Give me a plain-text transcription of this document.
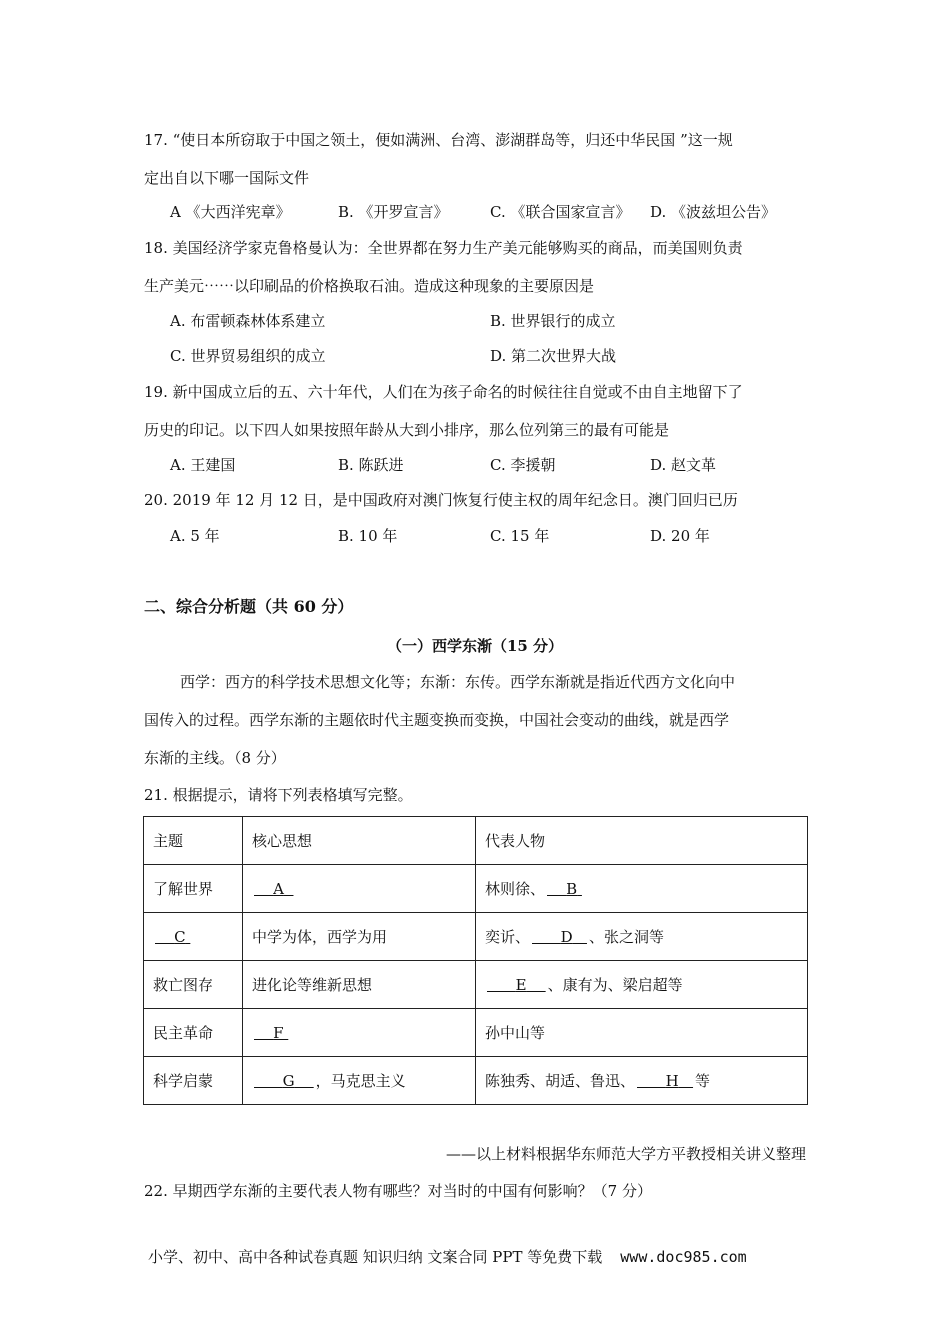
17. “使日本所窃取于中国之领土，便如满洲、台湾、澎湖群岛等，归还中华民国 ”这一规
定出自以下哪一国际文件
A 《大西洋宪章》	B. 《开罗宣言》	C. 《联合国家宣言》 D. 《波兹坦公告》
18. 美国经济学家克鲁格曼认为：全世界都在努力生产美元能够购买的商品，而美国则负责
生产美元⋯⋯以印刷品的价格换取石油。造成这种现象的主要原因是
A. 布雷顿森林体系建立	B. 世界银行的成立
C. 世界贸易组织的成立	D. 第二次世界大战
19. 新中国成立后的五、六十年代，人们在为孩子命名的时候往往自觉或不由自主地留下了
历史的印记。以下四人如果按照年龄从大到小排序，那么位列第三的最有可能是
A. 王建国	B. 陈跃进	C. 李援朝	D. 赵文革
20. 2019 年 12 月 12 日，是中国政府对澳门恢复行使主权的周年纪念日。澳门回归已历
A. 5 年	B. 10 年	C. 15 年	D. 20 年
二、综合分析题（共 60 分）
（一）西学东渐（15 分）
西学：西方的科学技术思想文化等；东渐：东传。西学东渐就是指近代西方文化向中
国传入的过程。西学东渐的主题依时代主题变换而变换，中国社会变动的曲线，就是西学
东渐的主线。（8 分）
21. 根据提示，请将下列表格填写完整。
主题	核心思想	代表人物
了解世界	A	林则徐、 B
C	中学为体，西学为用	奕䜣、 D 、张之洞等
救亡图存	进化论等维新思想	E 、康有为、梁启超等
民主革命	F	孙中山等
科学启蒙	G ，马克思主义	陈独秀、胡适、鲁迅、 H 等
——以上材料根据华东师范大学方平教授相关讲义整理
22. 早期西学东渐的主要代表人物有哪些？对当时的中国有何影响？（7 分）
小学、初中、高中各种试卷真题 知识归纳 文案合同 PPT 等免费下载 www.doc985.com
